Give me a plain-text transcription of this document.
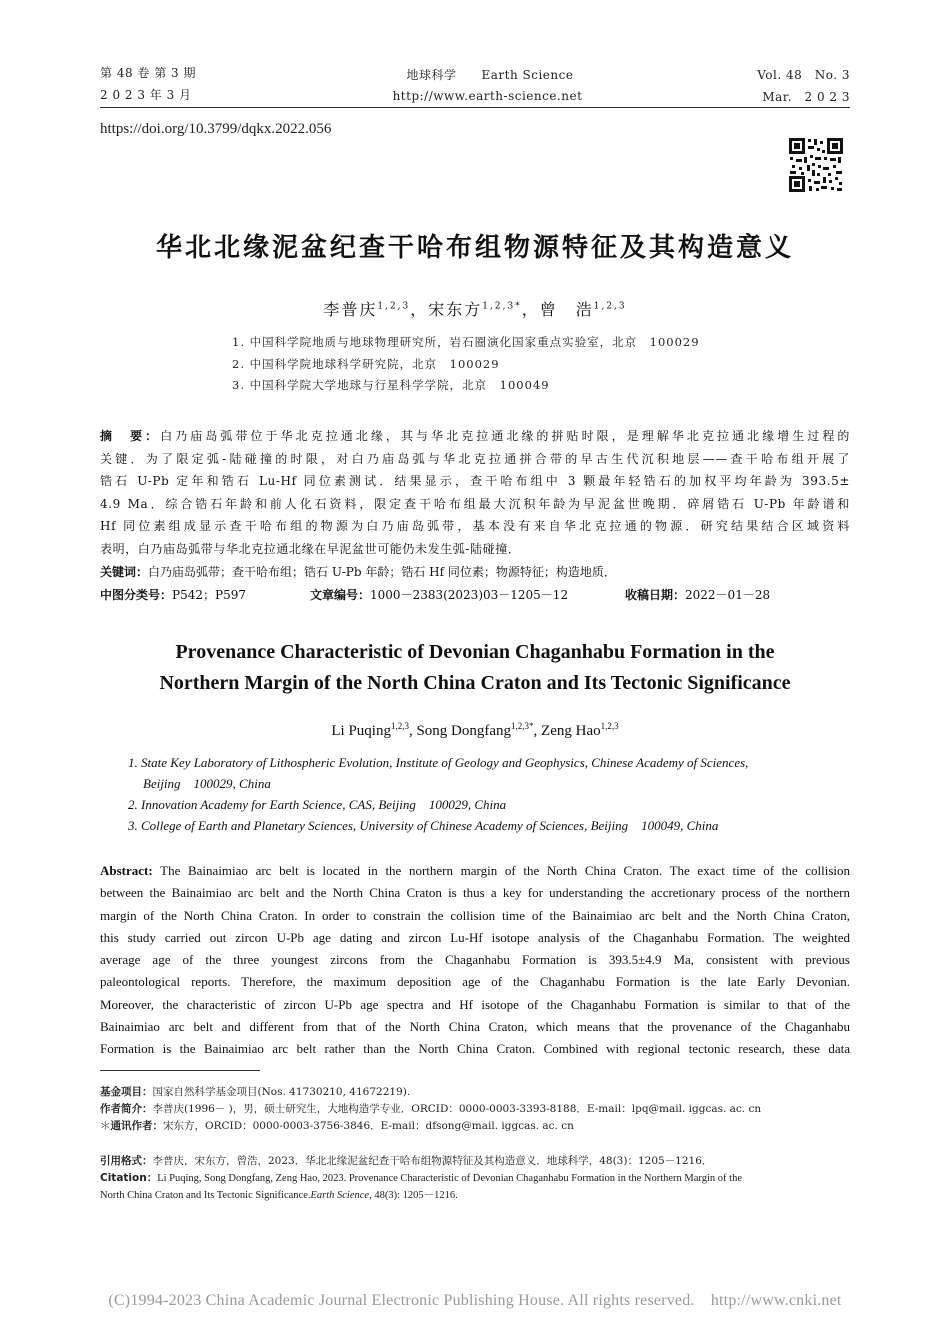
第 48 卷 第 3 期
2 0 2 3 年 3 月
地球科学　　Earth Science
http://www.earth-science.net
Vol. 48　No. 3
Mar.　2 0 2 3
https://doi.org/10.3799/dqkx.2022.056
华北北缘泥盆纪查干哈布组物源特征及其构造意义
李普庆$^{1,2,3}$，宋东方$^{1,2,3*}$，曾　浩$^{1,2,3}$
1. 中国科学院地质与地球物理研究所，岩石圈演化国家重点实验室，北京　100029
2. 中国科学院地球科学研究院，北京　100029
3. 中国科学院大学地球与行星科学学院，北京　100049
摘　要：白乃庙岛弧带位于华北克拉通北缘，其与华北克拉通北缘的拼贴时限，是理解华北克拉通北缘增生过程的
关键．为了限定弧-陆碰撞的时限，对白乃庙岛弧与华北克拉通拼合带的早古生代沉积地层——查干哈布组开展了
锆石 U-Pb 定年和锆石 Lu-Hf 同位素测试．结果显示，查干哈布组中 3 颗最年轻锆石的加权平均年龄为 393.5±
4.9 Ma．综合锆石年龄和前人化石资料，限定查干哈布组最大沉积年龄为早泥盆世晚期．碎屑锆石 U-Pb 年龄谱和
Hf 同位素组成显示查干哈布组的物源为白乃庙岛弧带，基本没有来自华北克拉通的物源．研究结果结合区域资料
表明，白乃庙岛弧带与华北克拉通北缘在早泥盆世可能仍未发生弧-陆碰撞．
关键词：白乃庙岛弧带；查干哈布组；锆石 U-Pb 年龄；锆石 Hf 同位素；物源特征；构造地质．
中图分类号：P542；P597	文章编号：1000－2383(2023)03－1205－12	收稿日期：2022－01－28
Provenance Characteristic of Devonian Chaganhabu Formation in the
Northern Margin of the North China Craton and Its Tectonic Significance
Li Puqing$^{1,2,3}$, Song Dongfang$^{1,2,3*}$, Zeng Hao$^{1,2,3}$
1. State Key Laboratory of Lithospheric Evolution, Institute of Geology and Geophysics, Chinese Academy of Sciences,
Beijing　100029, China
2. Innovation Academy for Earth Science, CAS, Beijing　100029, China
3. College of Earth and Planetary Sciences, University of Chinese Academy of Sciences, Beijing　100049, China
Abstract: The Bainaimiao arc belt is located in the northern margin of the North China Craton. The exact time of the collision
between the Bainaimiao arc belt and the North China Craton is thus a key for understanding the accretionary process of the northern
margin of the North China Craton. In order to constrain the collision time of the Bainaimiao arc belt and the North China Craton,
this study carried out zircon U-Pb age dating and zircon Lu-Hf isotope analysis of the Chaganhabu Formation. The weighted
average age of the three youngest zircons from the Chaganhabu Formation is 393.5±4.9 Ma, consistent with previous
paleontological reports. Therefore, the maximum deposition age of the Chaganhabu Formation is the late Early Devonian.
Moreover, the characteristic of zircon U-Pb age spectra and Hf isotope of the Chaganhabu Formation is similar to that of the
Bainaimiao arc belt and different from that of the North China Craton, which means that the provenance of the Chaganhabu
Formation is the Bainaimiao arc belt rather than the North China Craton. Combined with regional tectonic research, these data
基金项目：国家自然科学基金项目(Nos. 41730210, 41672219).
作者简介：李普庆(1996－ )，男，硕士研究生，大地构造学专业．ORCID：0000-0003-3393-8188．E-mail：lpq@mail. iggcas. ac. cn
＊通讯作者：宋东方，ORCID：0000-0003-3756-3846．E-mail：dfsong@mail. iggcas. ac. cn
引用格式：李普庆，宋东方，曾浩，2023．华北北缘泥盆纪查干哈布组物源特征及其构造意义．地球科学，48(3)：1205－1216．
Citation：Li Puqing, Song Dongfang, Zeng Hao, 2023. Provenance Characteristic of Devonian Chaganhabu Formation in the Northern Margin of the
North China Craton and Its Tectonic Significance.Earth Science, 48(3): 1205－1216.
(C)1994-2023 China Academic Journal Electronic Publishing House. All rights reserved.　http://www.cnki.net
